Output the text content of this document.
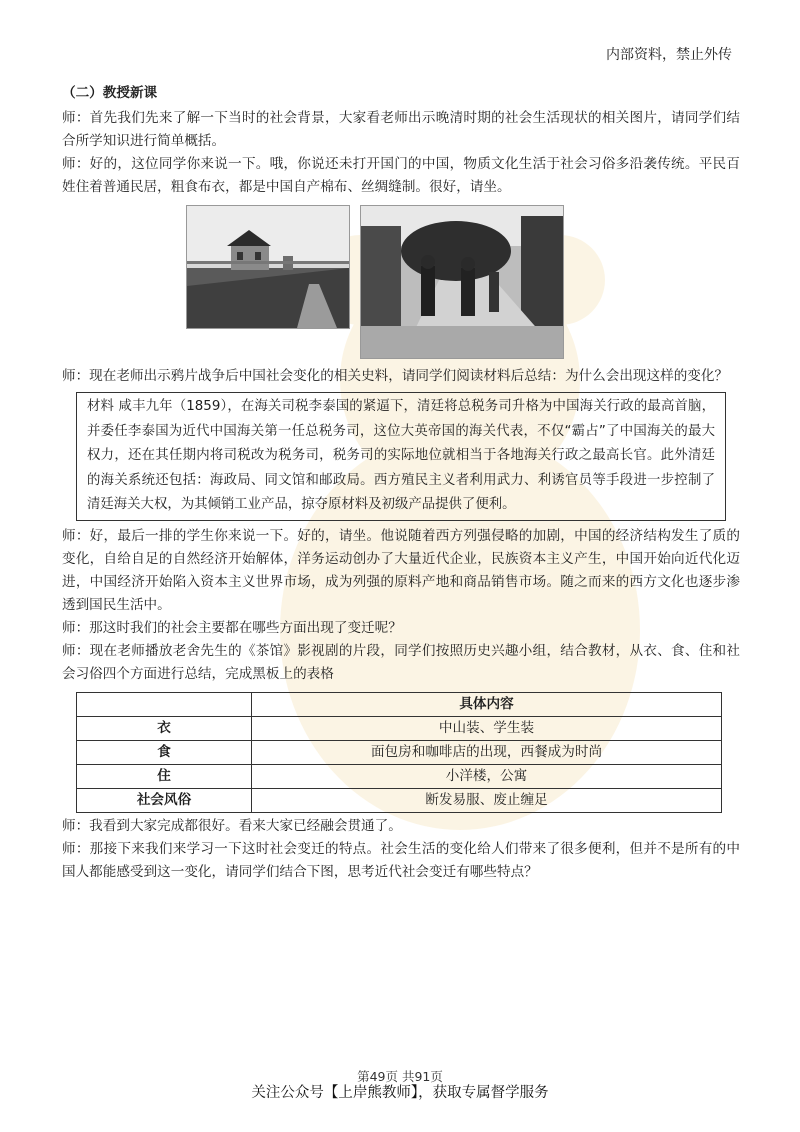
内部资料，禁止外传
（二）教授新课

师：首先我们先来了解一下当时的社会背景，大家看老师出示晚清时期的社会生活现状的相关图片，请同学们结合所学知识进行简单概括。

师：好的，这位同学你来说一下。哦，你说还未打开国门的中国，物质文化生活于社会习俗多沿袭传统。平民百姓住着普通民居，粗食布衣，都是中国自产棉布、丝绸缝制。很好，请坐。

师：现在老师出示鸦片战争后中国社会变化的相关史料，请同学们阅读材料后总结：为什么会出现这样的变化？

材料 咸丰九年（1859），在海关司税李泰国的紧逼下，清廷将总税务司升格为中国海关行政的最高首脑，并委任李泰国为近代中国海关第一任总税务司，这位大英帝国的海关代表，不仅“霸占”了中国海关的最大权力，还在其任期内将司税改为税务司，税务司的实际地位就相当于各地海关行政之最高长官。此外清廷的海关系统还包括：海政局、同文馆和邮政局。西方殖民主义者利用武力、利诱官员等手段进一步控制了清廷海关大权，为其倾销工业产品，掠夺原材料及初级产品提供了便利。

师：好，最后一排的学生你来说一下。好的，请坐。他说随着西方列强侵略的加剧，中国的经济结构发生了质的变化，自给自足的自然经济开始解体，洋务运动创办了大量近代企业，民族资本主义产生，中国开始向近代化迈进，中国经济开始陷入资本主义世界市场，成为列强的原料产地和商品销售市场。随之而来的西方文化也逐步渗透到国民生活中。

师：那这时我们的社会主要都在哪些方面出现了变迁呢？

师：现在老师播放老舍先生的《茶馆》影视剧的片段，同学们按照历史兴趣小组，结合教材，从衣、食、住和社会习俗四个方面进行总结，完成黑板上的表格

	具体内容
衣	中山装、学生装
食	面包房和咖啡店的出现，西餐成为时尚
住	小洋楼，公寓
社会风俗	断发易服、废止缠足

师：我看到大家完成都很好。看来大家已经融会贯通了。

师：那接下来我们来学习一下这时社会变迁的特点。社会生活的变化给人们带来了很多便利，但并不是所有的中国人都能感受到这一变化，请同学们结合下图，思考近代社会变迁有哪些特点？

第49页 共91页
关注公众号【上岸熊教师】，获取专属督学服务
